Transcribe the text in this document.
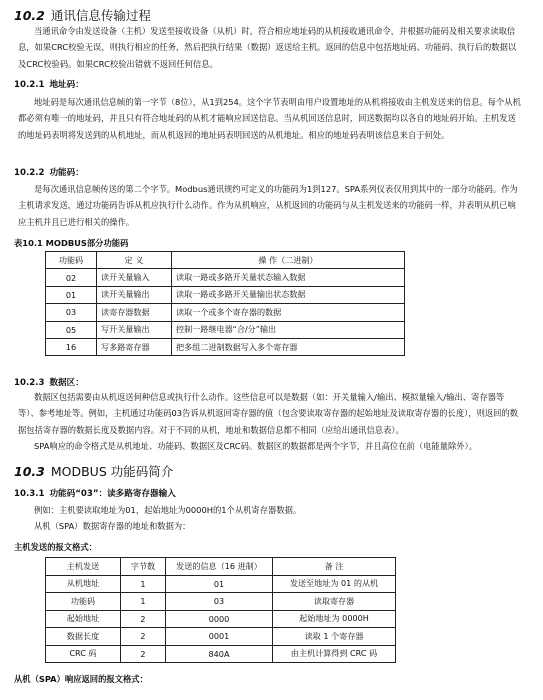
10.2 通讯信息传输过程

当通讯命令由发送设备（主机）发送至接收设备（从机）时，符合相应地址码的从机接收通讯命令，并根据功能码及相关要求读取信息，如果CRC校验无误，则执行相应的任务，然后把执行结果（数据）返送给主机。返回的信息中包括地址码、功能码、执行后的数据以及CRC校验码。如果CRC校验出错就不返回任何信息。

10.2.1 地址码：

地址码是每次通讯信息帧的第一字节（8位），从1到254。这个字节表明由用户设置地址的从机将接收由主机发送来的信息。每个从机都必须有唯一的地址码，并且只有符合地址码的从机才能响应回送信息。当从机回送信息时，回送数据均以各自的地址码开始。主机发送的地址码表明将发送到的从机地址，而从机返回的地址码表明回送的从机地址。相应的地址码表明该信息来自于何处。

10.2.2 功能码：

是每次通讯信息帧传送的第二个字节。Modbus通讯规约可定义的功能码为1到127。SPA系列仪表仅用到其中的一部分功能码。作为主机请求发送，通过功能码告诉从机应执行什么动作。作为从机响应，从机返回的功能码与从主机发送来的功能码一样，并表明从机已响应主机并且已进行相关的操作。

表10.1 MODBUS部分功能码
功能码	定 义	操 作（二进制）
02	读开关量输入	读取一路或多路开关量状态输入数据
01	读开关量输出	读取一路或多路开关量输出状态数据
03	读寄存器数据	读取一个或多个寄存器的数据
05	写开关量输出	控制一路继电器“合/分”输出
16	写多路寄存器	把多组二进制数据写入多个寄存器
10.2.3 数据区：

数据区包括需要由从机返送何种信息或执行什么动作。这些信息可以是数据（如：开关量输入/输出、模拟量输入/输出、寄存器等等）、参考地址等。例如，主机通过功能码03告诉从机返回寄存器的值（包含要读取寄存器的起始地址及读取寄存器的长度），则返回的数据包括寄存器的数据长度及数据内容。对于不同的从机，地址和数据信息都不相同（应给出通讯信息表）。

SPA响应的命令格式是从机地址、功能码、数据区及CRC码。数据区的数据都是两个字节，并且高位在前（电能量除外）。

10.3 MODBUS 功能码简介
10.3.1 功能码“03”：读多路寄存器输入

例如：主机要读取地址为01，起始地址为0000H的1个从机寄存器数据。

从机（SPA）数据寄存器的地址和数据为：

主机发送的报文格式：
主机发送	字节数	发送的信息（16 进制）	备 注
从机地址	1	01	发送至地址为 01 的从机
功能码	1	03	读取寄存器
起始地址	2	0000	起始地址为 0000H
数据长度	2	0001	读取 1 个寄存器
CRC 码	2	840A	由主机计算得到 CRC 码
从机（SPA）响应返回的报文格式：
